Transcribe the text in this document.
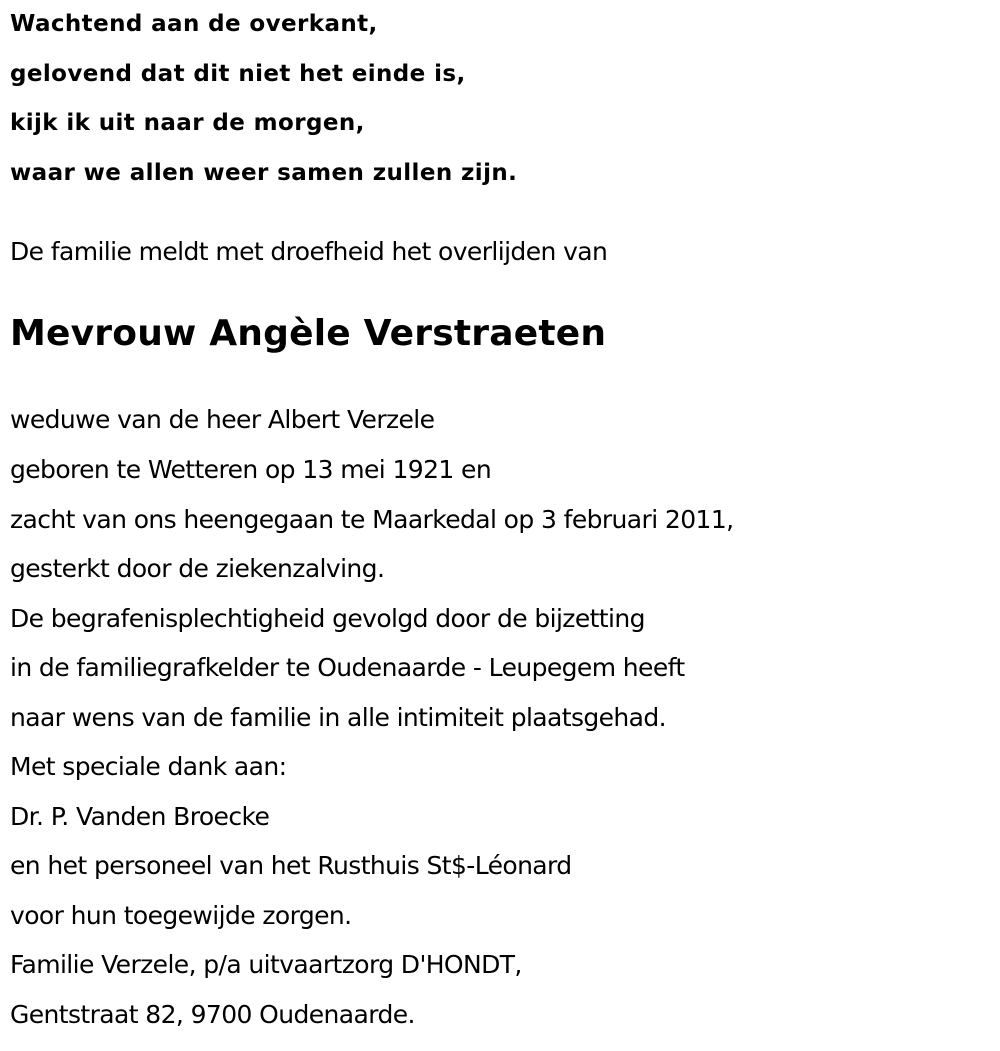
Wachtend aan de overkant,
gelovend dat dit niet het einde is,
kijk ik uit naar de morgen,
waar we allen weer samen zullen zijn.
De familie meldt met droefheid het overlijden van
Mevrouw Angèle Verstraeten
weduwe van de heer Albert Verzele
geboren te Wetteren op 13 mei 1921 en
zacht van ons heengegaan te Maarkedal op 3 februari 2011,
gesterkt door de ziekenzalving.
De begrafenisplechtigheid gevolgd door de bijzetting
in de familiegrafkelder te Oudenaarde - Leupegem heeft
naar wens van de familie in alle intimiteit plaatsgehad.
Met speciale dank aan:
Dr. P. Vanden Broecke
en het personeel van het Rusthuis St$-Léonard
voor hun toegewijde zorgen.
Familie Verzele, p/a uitvaartzorg D'HONDT,
Gentstraat 82, 9700 Oudenaarde.
